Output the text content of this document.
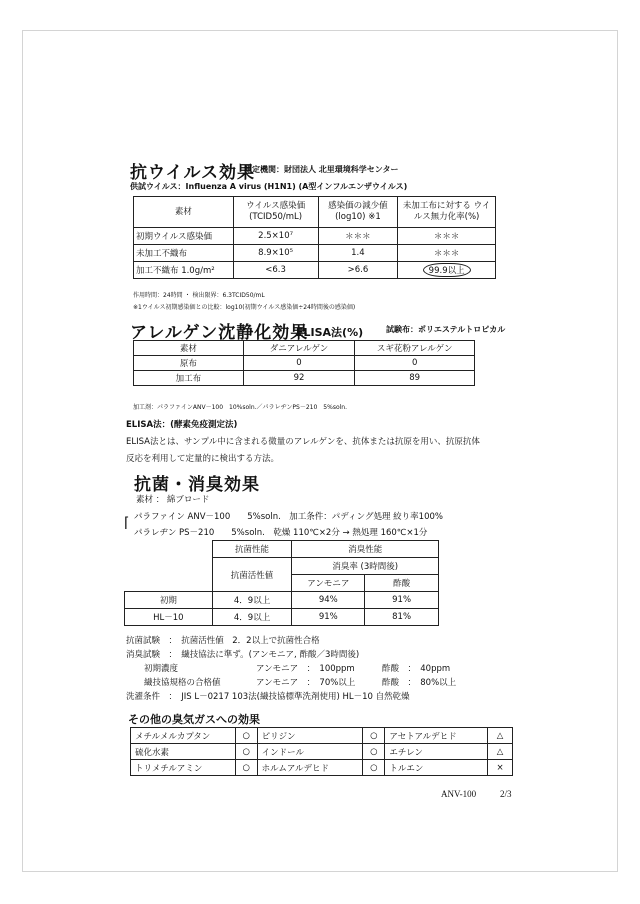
抗ウイルス効果
測定機関：財団法人 北里環境科学センター
供試ウイルス：Influenza A virus (H1N1) (A型インフルエンザウイルス)
素材	ウイルス感染価 (TCID50/mL)	感染価の減少値 (log10) ※1	未加工布に対する ウイルス無力化率(%)
初期ウイルス感染価	2.5×10⁷	＊＊＊	＊＊＊
未加工不織布	8.9×10⁵	1.4	＊＊＊
加工不織布 1.0g/m²	<6.3	>6.6	99.9以上
作用時間：24時間 ・ 検出限界：6.3TCID50/mL
※1ウイルス初期感染価との比較：log10(初期ウイルス感染価÷24時間後の感染価)
アレルゲン沈静化効果
ELISA法(%)	試験布：ポリエステルトロピカル
素材	ダニアレルゲン	スギ花粉アレルゲン
原布	0	0
加工布	92	89
加工剤：パラファインANV－100　10%soln.／パラレヂンPS－210　5%soln.
ELISA法：(酵素免疫測定法)
ELISA法とは、サンプル中に含まれる微量のアレルゲンを、抗体または抗原を用い、抗原抗体
反応を利用して定量的に検出する方法。
抗菌・消臭効果
素材 ： 綿ブロード
⌈ パラファイン ANV－100　　5%soln.　加工条件：パディング処理 絞り率100%
パラレヂン PS－210　　5%soln.　乾燥 110℃×2分 → 熱処理 160℃×1分
	抗菌性能	消臭性能	
	抗菌活性値	消臭率 (3時間後)	
		アンモニア	酢酸
初期	4．9以上	94%	91%
HL－10	4．9以上	91%	81%
抗菌試験　：　抗菌活性値　2．2以上で抗菌性合格
消臭試験　：　繊技協法に準ず。(アンモニア, 酢酸／3時間後)
初期濃度	アンモニア　：　100ppm	酢酸　：　40ppm
繊技協規格の合格値	アンモニア　：　70%以上	酢酸　：　80%以上
洗濯条件　：　JIS L－0217 103法(繊技協標準洗剤使用) HL－10 自然乾燥
その他の臭気ガスへの効果
メチルメルカプタン	○	ピリジン	○	アセトアルデヒド	△
硫化水素	○	インドール	○	エチレン	△
トリメチルアミン	○	ホルムアルデヒド	○	トルエン	×
ANV-100	2/3
